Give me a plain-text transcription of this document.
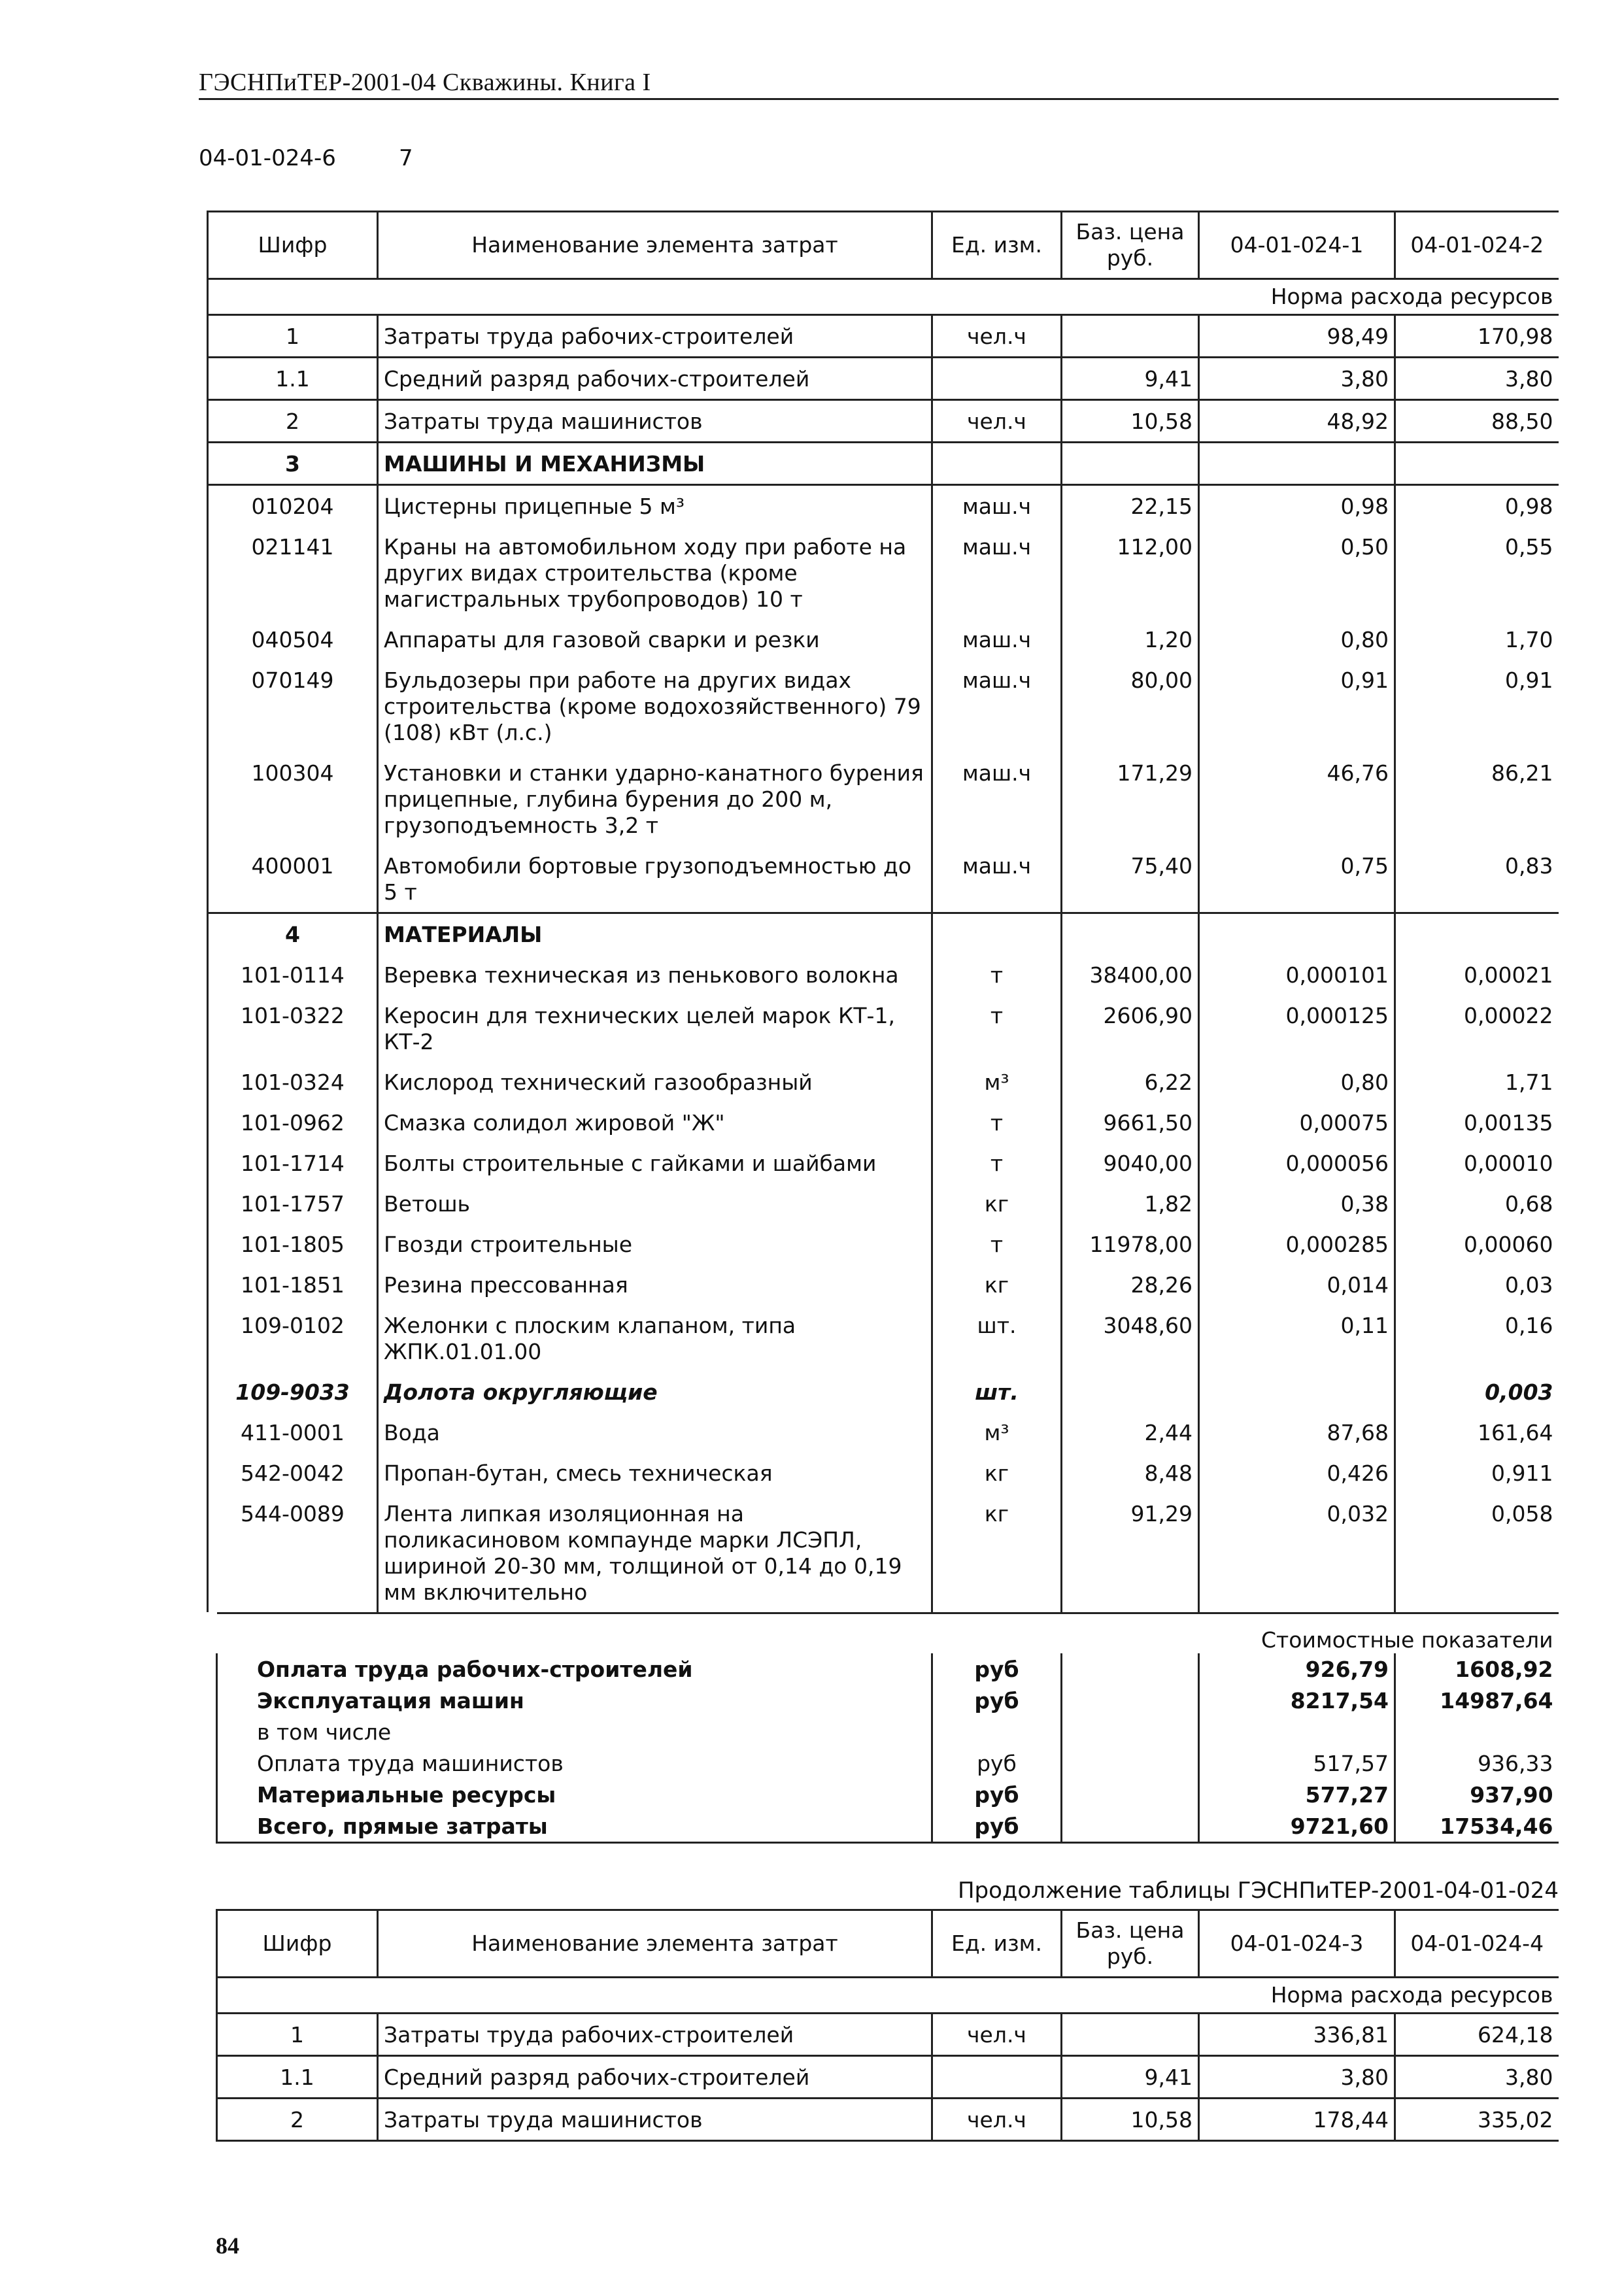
ГЭСНПиТЕР-2001-04 Скважины. Книга I
04-01-024-6	7
Шифр	Наименование элемента затрат	Ед. изм.	Баз. цена руб.	04-01-024-1	04-01-024-2
Норма расхода ресурсов					
1	Затраты труда рабочих-строителей	чел.ч		98,49	170,98
1.1	Средний разряд рабочих-строителей		9,41	3,80	3,80
2	Затраты труда машинистов	чел.ч	10,58	48,92	88,50
3	МАШИНЫ И МЕХАНИЗМЫ				
010204	Цистерны прицепные 5 м³	маш.ч	22,15	0,98	0,98
021141	Краны на автомобильном ходу при работе на других видах строительства (кроме магистральных трубопроводов) 10 т	маш.ч	112,00	0,50	0,55
040504	Аппараты для газовой сварки и резки	маш.ч	1,20	0,80	1,70
070149	Бульдозеры при работе на других видах строительства (кроме водохозяйственного) 79 (108) кВт (л.с.)	маш.ч	80,00	0,91	0,91
100304	Установки и станки ударно-канатного бурения прицепные, глубина бурения до 200 м, грузоподъемность 3,2 т	маш.ч	171,29	46,76	86,21
400001	Автомобили бортовые грузоподъемностью до 5 т	маш.ч	75,40	0,75	0,83
4	МАТЕРИАЛЫ				
101-0114	Веревка техническая из пенькового волокна	т	38400,00	0,000101	0,00021
101-0322	Керосин для технических целей марок КТ-1, КТ-2	т	2606,90	0,000125	0,00022
101-0324	Кислород технический газообразный	м³	6,22	0,80	1,71
101-0962	Смазка солидол жировой "Ж"	т	9661,50	0,00075	0,00135
101-1714	Болты строительные с гайками и шайбами	т	9040,00	0,000056	0,00010
101-1757	Ветошь	кг	1,82	0,38	0,68
101-1805	Гвозди строительные	т	11978,00	0,000285	0,00060
101-1851	Резина прессованная	кг	28,26	0,014	0,03
109-0102	Желонки с плоским клапаном, типа ЖПК.01.01.00	шт.	3048,60	0,11	0,16
109-9033	Долота округляющие	шт.			0,003
411-0001	Вода	м³	2,44	87,68	161,64
542-0042	Пропан-бутан, смесь техническая	кг	8,48	0,426	0,911
544-0089	Лента липкая изоляционная на поликасиновом компаунде марки ЛСЭПЛ, шириной 20-30 мм, толщиной от 0,14 до 0,19 мм включительно	кг	91,29	0,032	0,058
Стоимостные показатели				
Оплата труда рабочих-строителей	руб		926,79	1608,92
Эксплуатация машин	руб		8217,54	14987,64
в том числе				
Оплата труда машинистов	руб		517,57	936,33
Материальные ресурсы	руб		577,27	937,90
Всего, прямые затраты	руб		9721,60	17534,46
Продолжение таблицы ГЭСНПиТЕР-2001-04-01-024
Шифр	Наименование элемента затрат	Ед. изм.	Баз. цена руб.	04-01-024-3	04-01-024-4
Норма расхода ресурсов					
1	Затраты труда рабочих-строителей	чел.ч		336,81	624,18
1.1	Средний разряд рабочих-строителей		9,41	3,80	3,80
2	Затраты труда машинистов	чел.ч	10,58	178,44	335,02
84
